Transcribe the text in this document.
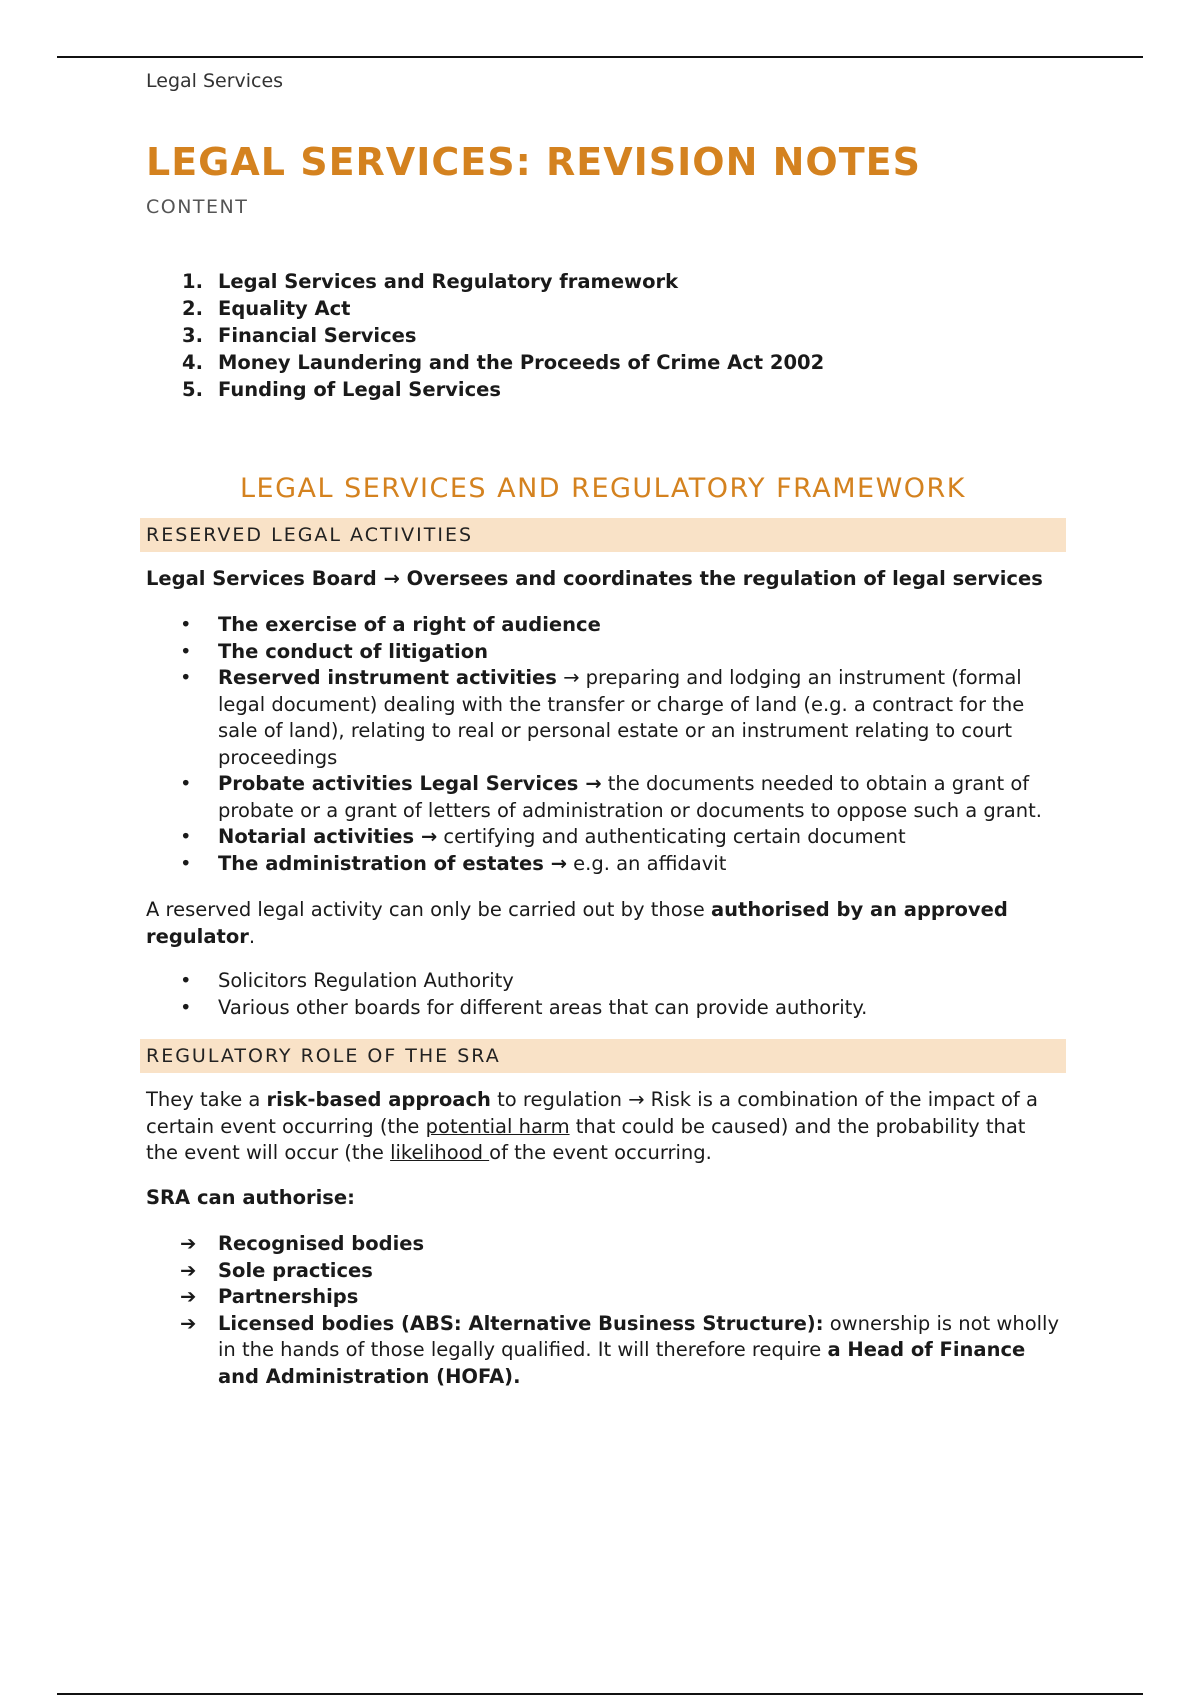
Legal Services
LEGAL SERVICES: REVISION NOTES
CONTENT
1. Legal Services and Regulatory framework
2. Equality Act
3. Financial Services
4. Money Laundering and the Proceeds of Crime Act 2002
5. Funding of Legal Services
LEGAL SERVICES AND REGULATORY FRAMEWORK
RESERVED LEGAL ACTIVITIES

Legal Services Board → Oversees and coordinates the regulation of legal services

• The exercise of a right of audience
• The conduct of litigation
• Reserved instrument activities → preparing and lodging an instrument (formal legal document) dealing with the transfer or charge of land (e.g. a contract for the sale of land), relating to real or personal estate or an instrument relating to court proceedings
• Probate activities Legal Services → the documents needed to obtain a grant of probate or a grant of letters of administration or documents to oppose such a grant.
• Notarial activities → certifying and authenticating certain document
• The administration of estates → e.g. an affidavit

A reserved legal activity can only be carried out by those authorised by an approved regulator.

• Solicitors Regulation Authority
• Various other boards for different areas that can provide authority.
REGULATORY ROLE OF THE SRA

They take a risk-based approach to regulation → Risk is a combination of the impact of a certain event occurring (the potential harm that could be caused) and the probability that the event will occur (the likelihood of the event occurring.

SRA can authorise:

➔ Recognised bodies
➔ Sole practices
➔ Partnerships
➔ Licensed bodies (ABS: Alternative Business Structure): ownership is not wholly in the hands of those legally qualified. It will therefore require a Head of Finance and Administration (HOFA).
